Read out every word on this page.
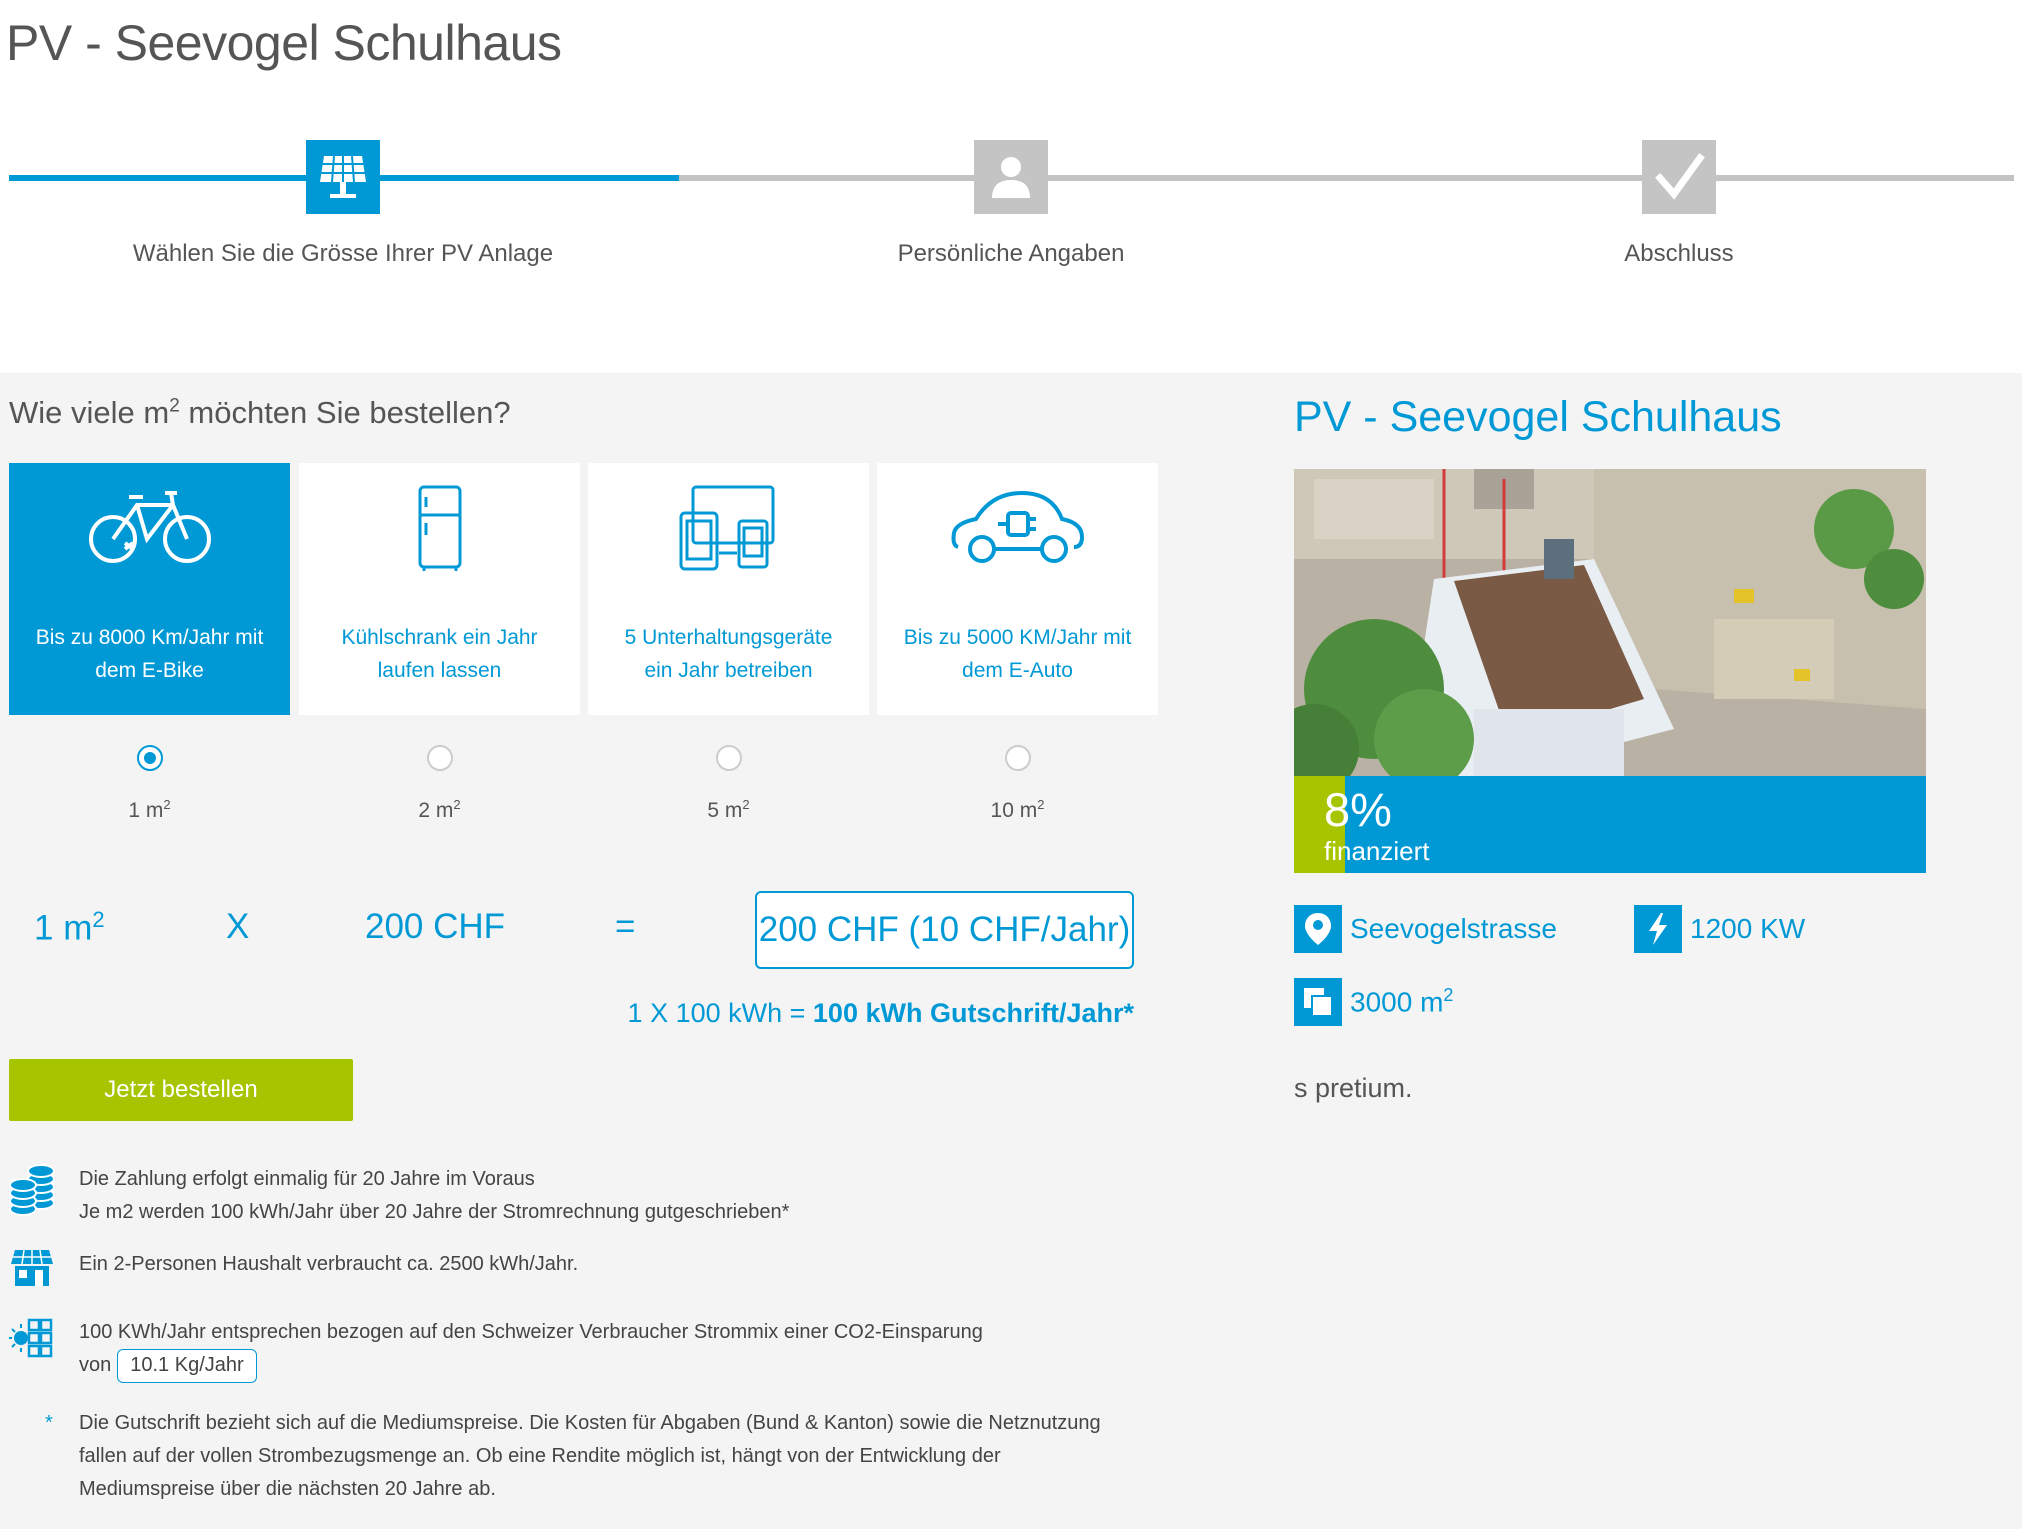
PV - Seevogel Schulhaus
Wählen Sie die Grösse Ihrer PV Anlage	Persönliche Angaben	Abschluss
Wie viele $m^2$ möchten Sie bestellen?
Bis zu 8000 Km/Jahr mit dem E-Bike
Kühlschrank ein Jahr laufen lassen
5 Unterhaltungsgeräte ein Jahr betreiben
Bis zu 5000 KM/Jahr mit dem E-Auto
1 $m^2$	2 $m^2$	5 $m^2$	10 $m^2$
1 $m^2$	X	200 CHF	=	200 CHF (10 CHF/Jahr)
1 X 100 kWh = 100 kWh Gutschrift/Jahr*
Jetzt bestellen
Die Zahlung erfolgt einmalig für 20 Jahre im Voraus
Je m2 werden 100 kWh/Jahr über 20 Jahre der Stromrechnung gutgeschrieben*
Ein 2-Personen Haushalt verbraucht ca. 2500 kWh/Jahr.
100 KWh/Jahr entsprechen bezogen auf den Schweizer Verbraucher Strommix einer CO2-Einsparung
von 10.1 Kg/Jahr
* Die Gutschrift bezieht sich auf die Mediumspreise. Die Kosten für Abgaben (Bund & Kanton) sowie die Netznutzung
fallen auf der vollen Strombezugsmenge an. Ob eine Rendite möglich ist, hängt von der Entwicklung der
Mediumspreise über die nächsten 20 Jahre ab.
PV - Seevogel Schulhaus
8%
finanziert
Seevogelstrasse	1200 KW
3000 $m^2$
s pretium.
